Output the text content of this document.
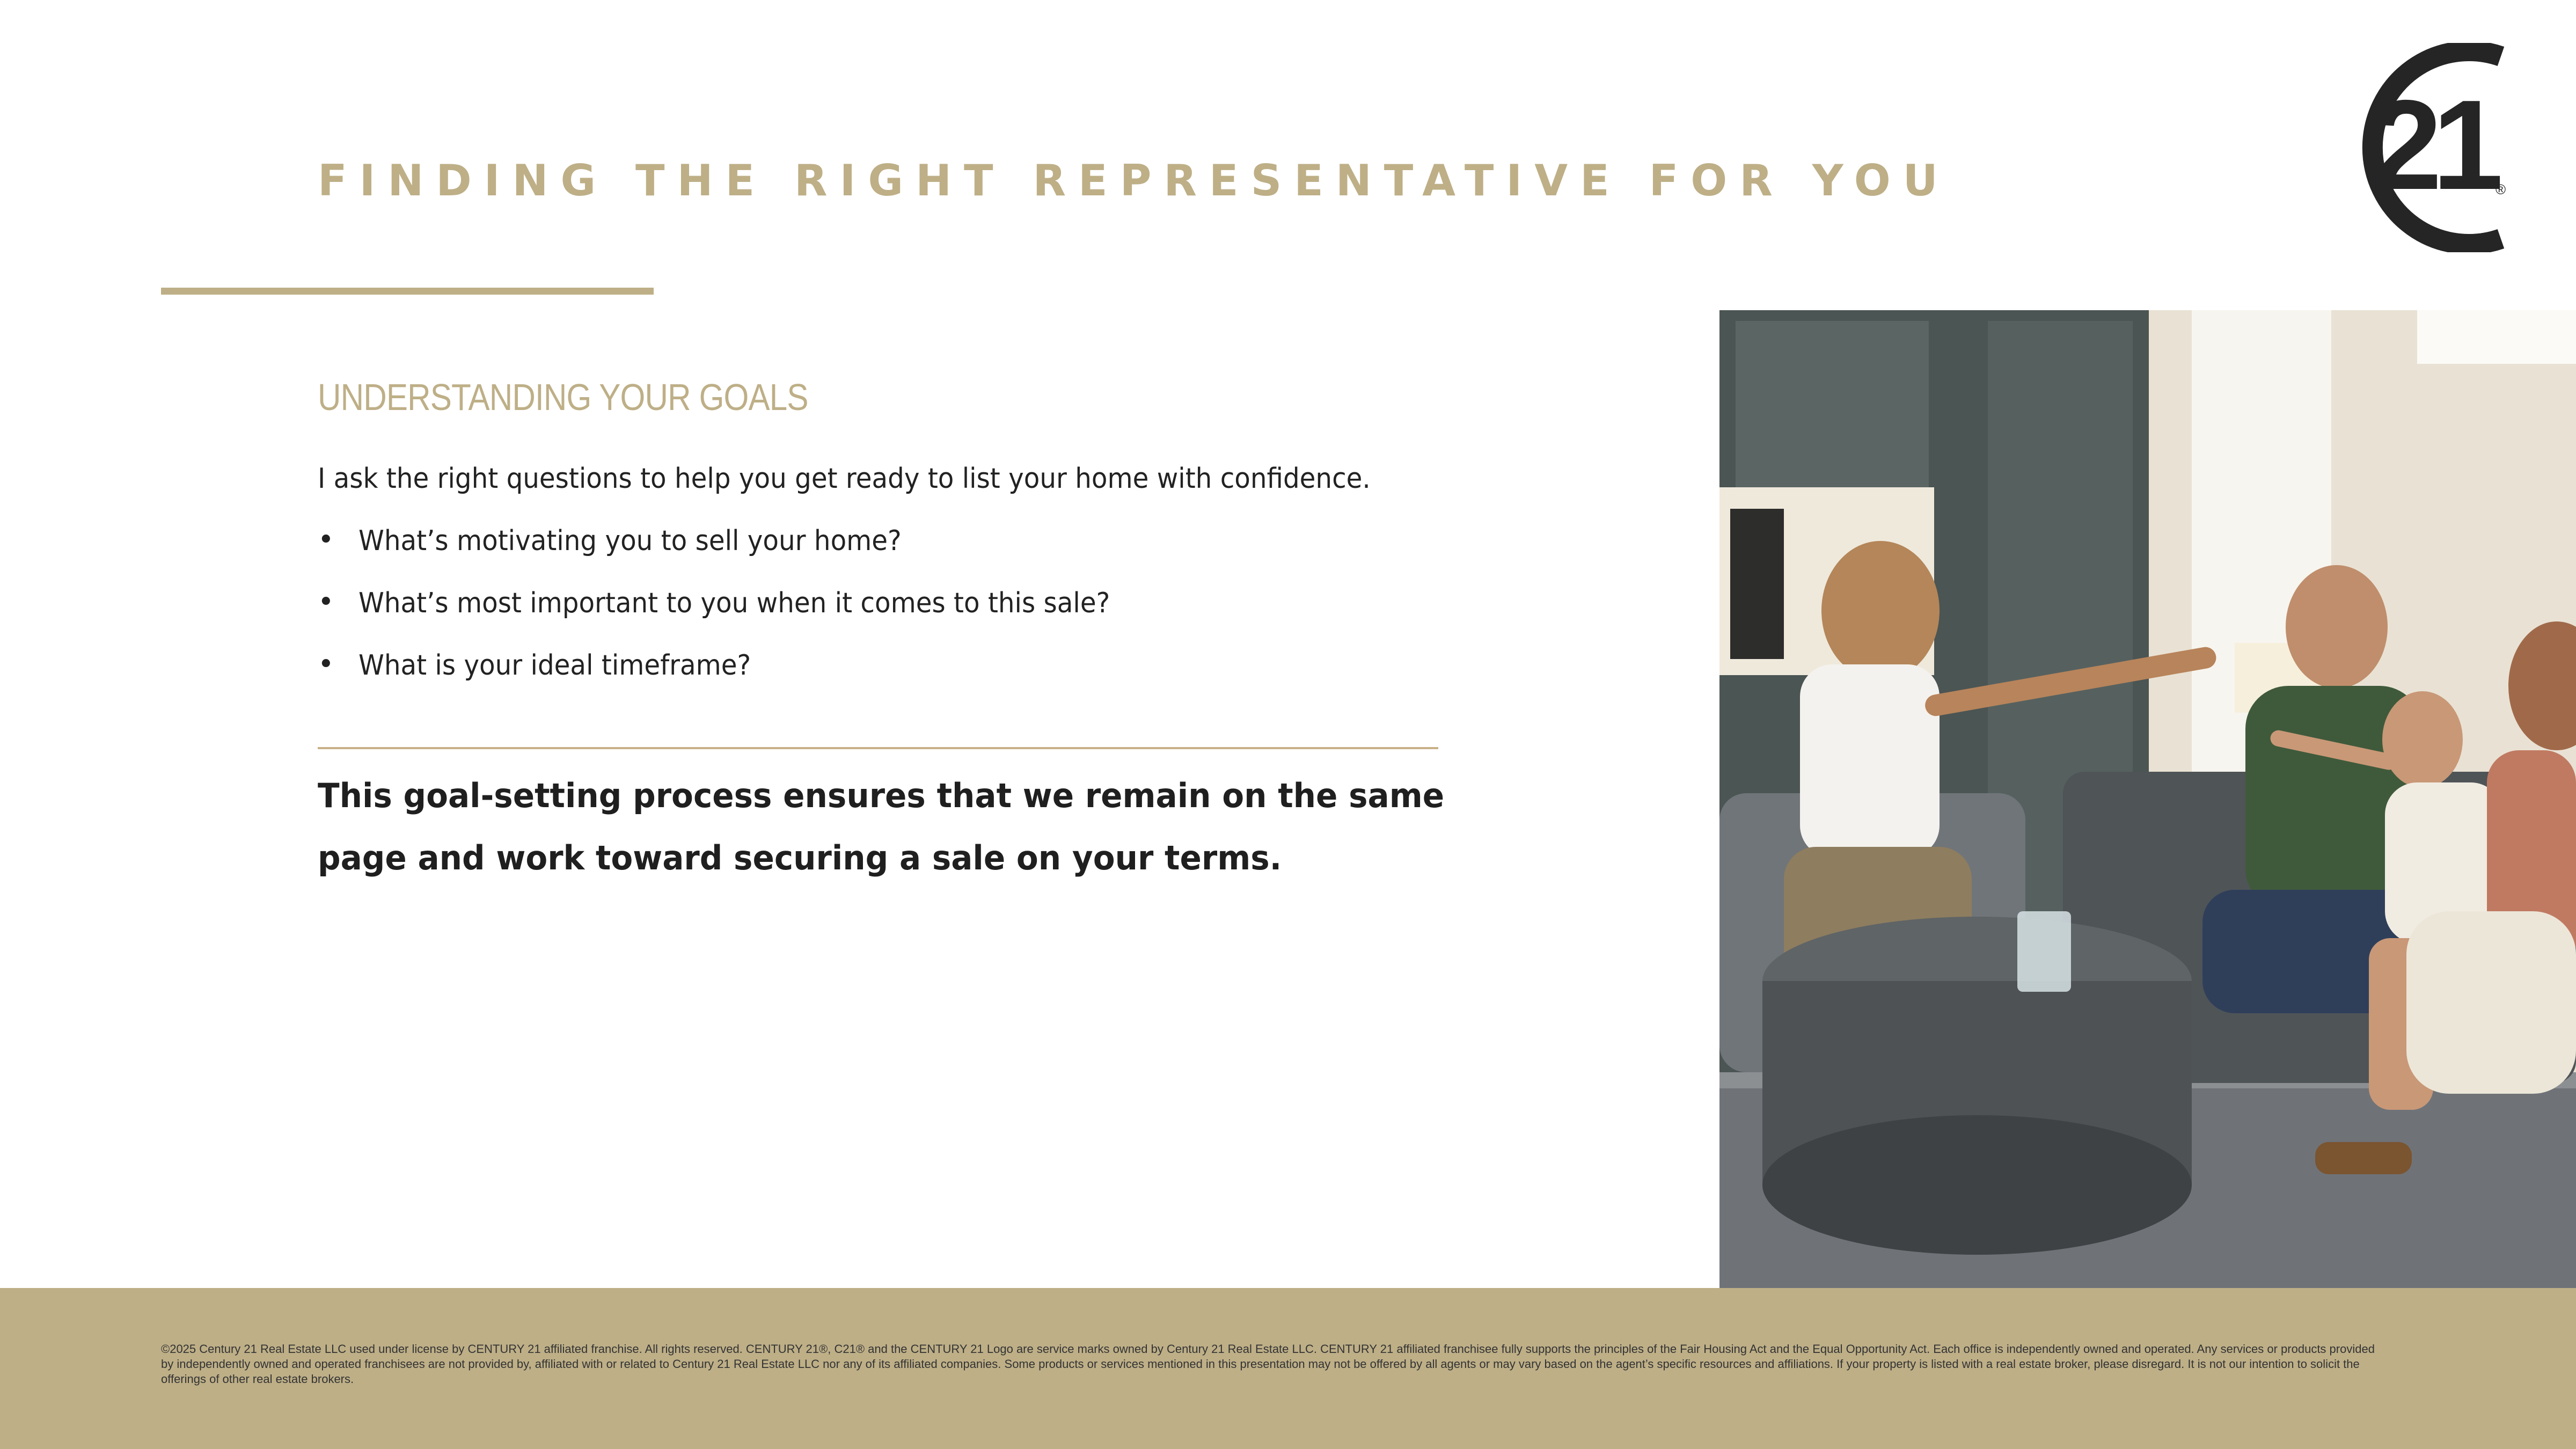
FINDING THE RIGHT REPRESENTATIVE FOR YOU	21 ®
UNDERSTANDING YOUR GOALS
I ask the right questions to help you get ready to list your home with confidence.
• What’s motivating you to sell your home?
• What’s most important to you when it comes to this sale?
• What is your ideal timeframe?
This goal-setting process ensures that we remain on the same page and work toward securing a sale on your terms.
©2025 Century 21 Real Estate LLC used under license by CENTURY 21 affiliated franchise. All rights reserved. CENTURY 21®, C21® and the CENTURY 21 Logo are service marks owned by Century 21 Real Estate LLC. CENTURY 21 affiliated franchisee fully supports the principles of the Fair Housing Act and the Equal Opportunity Act. Each office is independently owned and operated. Any services or products provided by independently owned and operated franchisees are not provided by, affiliated with or related to Century 21 Real Estate LLC nor any of its affiliated companies. Some products or services mentioned in this presentation may not be offered by all agents or may vary based on the agent’s specific resources and affiliations. If your property is listed with a real estate broker, please disregard. It is not our intention to solicit the offerings of other real estate brokers.
